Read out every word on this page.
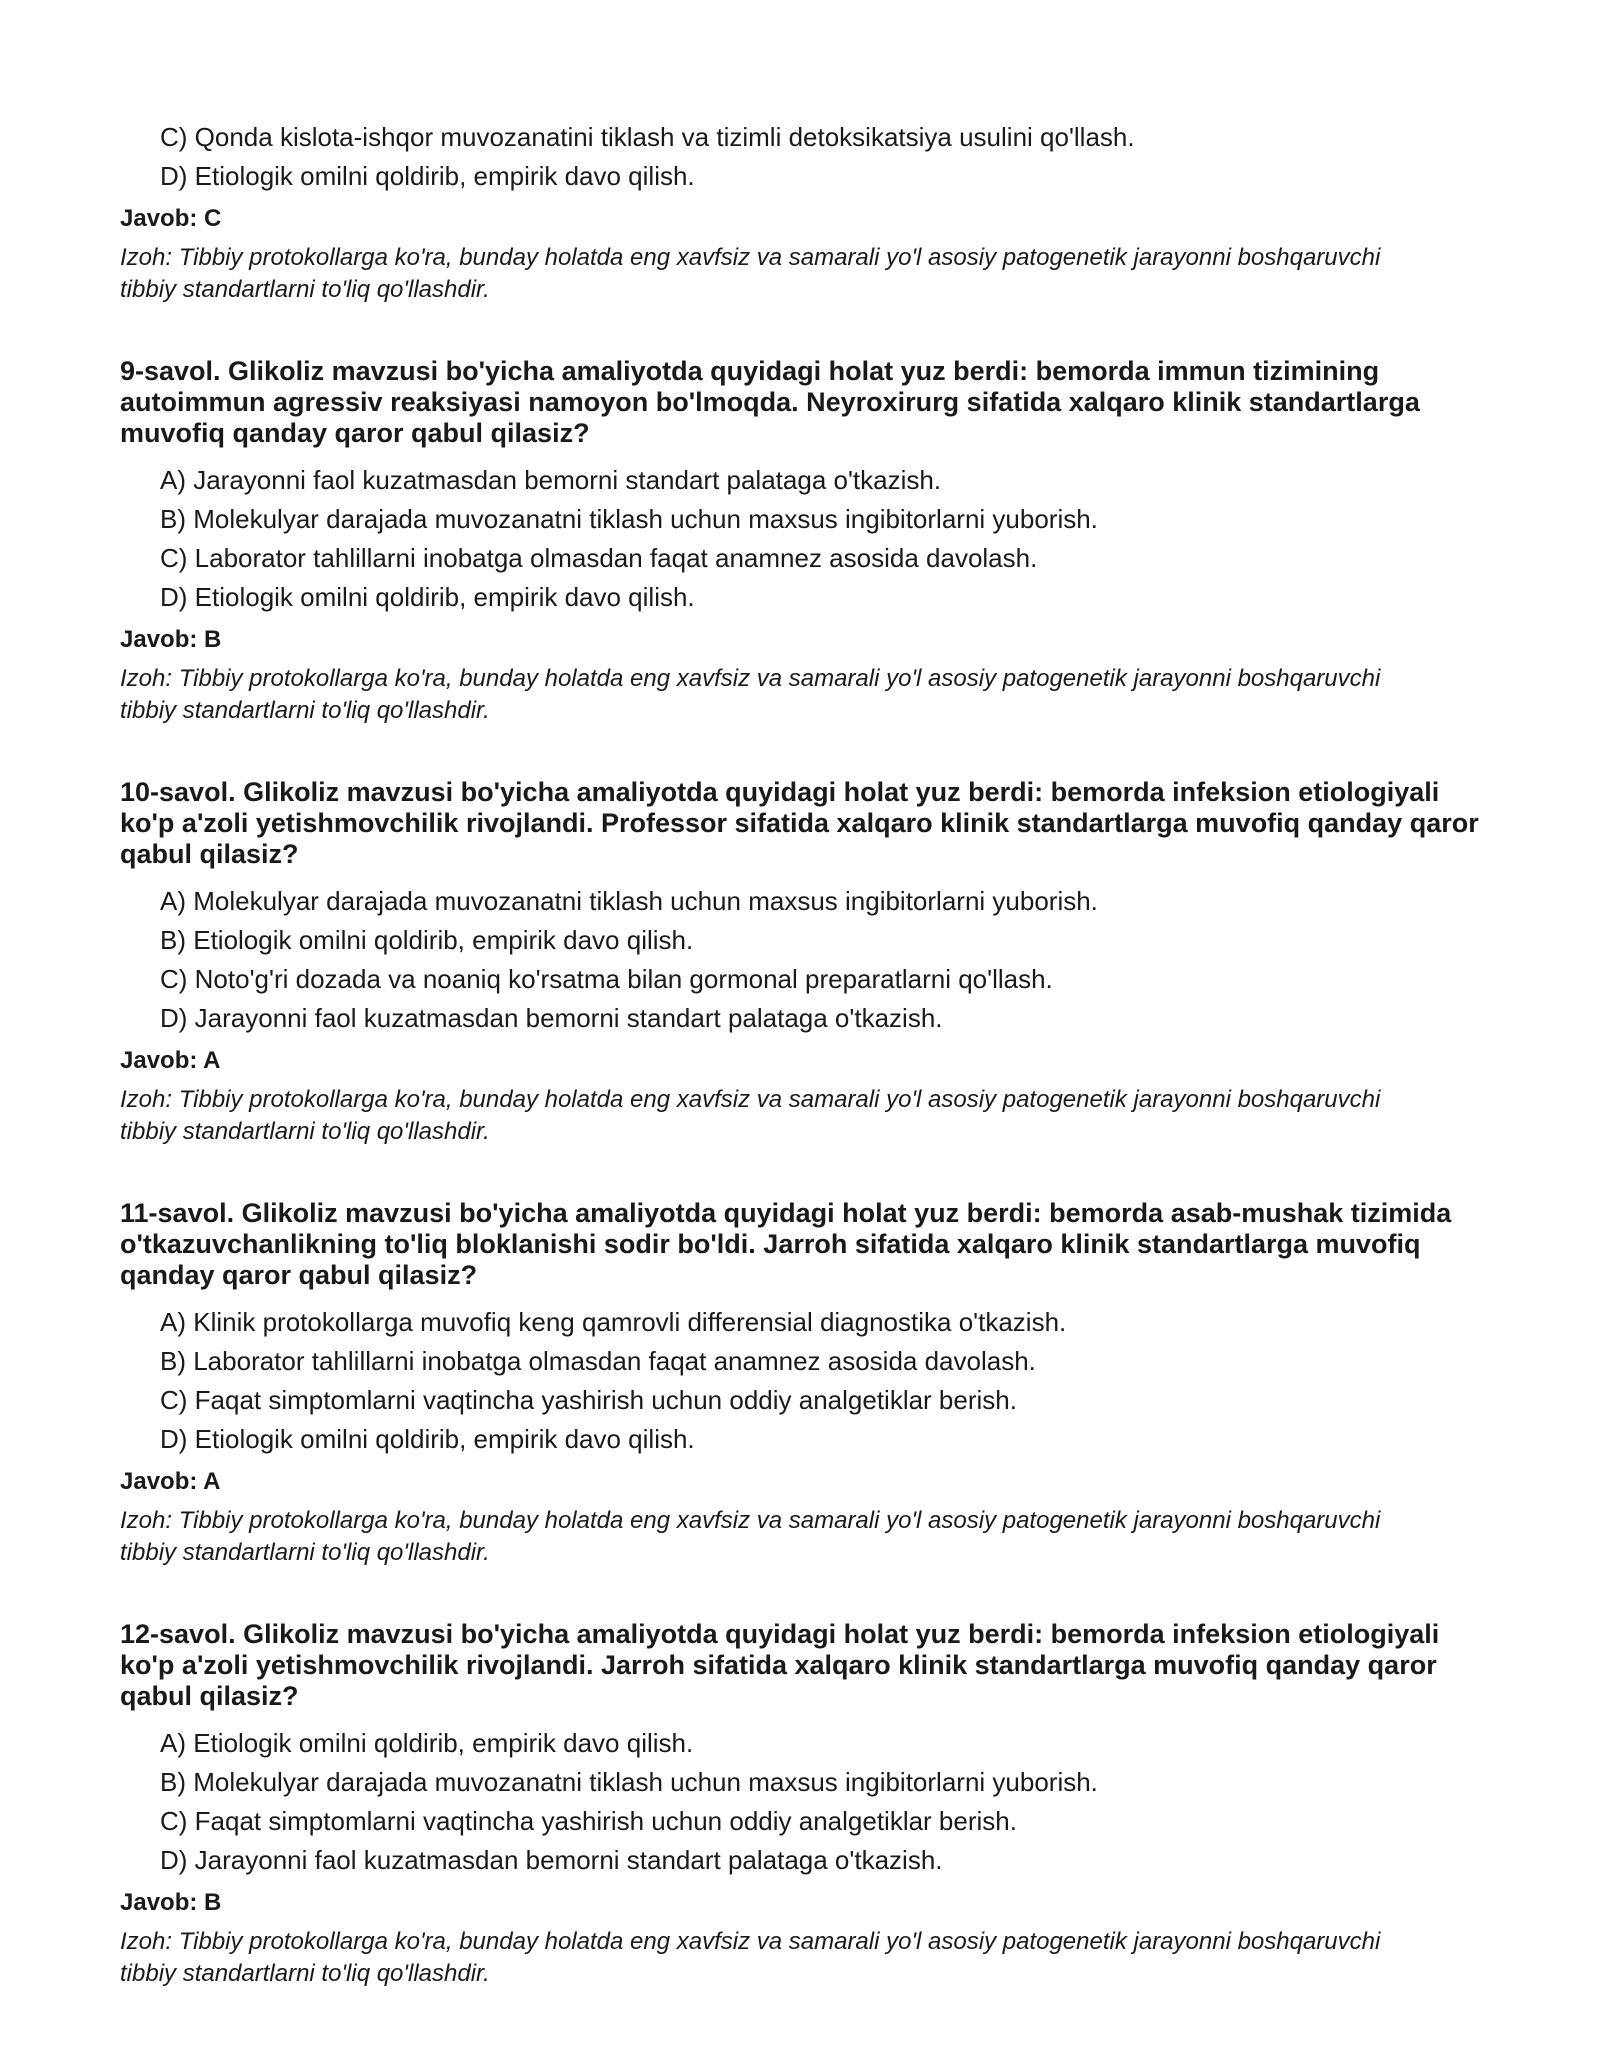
C) Qonda kislota-ishqor muvozanatini tiklash va tizimli detoksikatsiya usulini qo'llash.
D) Etiologik omilni qoldirib, empirik davo qilish.
Javob: C
Izoh: Tibbiy protokollarga ko'ra, bunday holatda eng xavfsiz va samarali yo'l asosiy patogenetik jarayonni boshqaruvchi tibbiy standartlarni to'liq qo'llashdir.
9-savol. Glikoliz mavzusi bo'yicha amaliyotda quyidagi holat yuz berdi: bemorda immun tizimining autoimmun agressiv reaksiyasi namoyon bo'lmoqda. Neyroxirurg sifatida xalqaro klinik standartlarga muvofiq qanday qaror qabul qilasiz?
A) Jarayonni faol kuzatmasdan bemorni standart palataga o'tkazish.
B) Molekulyar darajada muvozanatni tiklash uchun maxsus ingibitorlarni yuborish.
C) Laborator tahlillarni inobatga olmasdan faqat anamnez asosida davolash.
D) Etiologik omilni qoldirib, empirik davo qilish.
Javob: B
Izoh: Tibbiy protokollarga ko'ra, bunday holatda eng xavfsiz va samarali yo'l asosiy patogenetik jarayonni boshqaruvchi tibbiy standartlarni to'liq qo'llashdir.
10-savol. Glikoliz mavzusi bo'yicha amaliyotda quyidagi holat yuz berdi: bemorda infeksion etiologiyali ko'p a'zoli yetishmovchilik rivojlandi. Professor sifatida xalqaro klinik standartlarga muvofiq qanday qaror qabul qilasiz?
A) Molekulyar darajada muvozanatni tiklash uchun maxsus ingibitorlarni yuborish.
B) Etiologik omilni qoldirib, empirik davo qilish.
C) Noto'g'ri dozada va noaniq ko'rsatma bilan gormonal preparatlarni qo'llash.
D) Jarayonni faol kuzatmasdan bemorni standart palataga o'tkazish.
Javob: A
Izoh: Tibbiy protokollarga ko'ra, bunday holatda eng xavfsiz va samarali yo'l asosiy patogenetik jarayonni boshqaruvchi tibbiy standartlarni to'liq qo'llashdir.
11-savol. Glikoliz mavzusi bo'yicha amaliyotda quyidagi holat yuz berdi: bemorda asab-mushak tizimida o'tkazuvchanlikning to'liq bloklanishi sodir bo'ldi. Jarroh sifatida xalqaro klinik standartlarga muvofiq qanday qaror qabul qilasiz?
A) Klinik protokollarga muvofiq keng qamrovli differensial diagnostika o'tkazish.
B) Laborator tahlillarni inobatga olmasdan faqat anamnez asosida davolash.
C) Faqat simptomlarni vaqtincha yashirish uchun oddiy analgetiklar berish.
D) Etiologik omilni qoldirib, empirik davo qilish.
Javob: A
Izoh: Tibbiy protokollarga ko'ra, bunday holatda eng xavfsiz va samarali yo'l asosiy patogenetik jarayonni boshqaruvchi tibbiy standartlarni to'liq qo'llashdir.
12-savol. Glikoliz mavzusi bo'yicha amaliyotda quyidagi holat yuz berdi: bemorda infeksion etiologiyali ko'p a'zoli yetishmovchilik rivojlandi. Jarroh sifatida xalqaro klinik standartlarga muvofiq qanday qaror qabul qilasiz?
A) Etiologik omilni qoldirib, empirik davo qilish.
B) Molekulyar darajada muvozanatni tiklash uchun maxsus ingibitorlarni yuborish.
C) Faqat simptomlarni vaqtincha yashirish uchun oddiy analgetiklar berish.
D) Jarayonni faol kuzatmasdan bemorni standart palataga o'tkazish.
Javob: B
Izoh: Tibbiy protokollarga ko'ra, bunday holatda eng xavfsiz va samarali yo'l asosiy patogenetik jarayonni boshqaruvchi tibbiy standartlarni to'liq qo'llashdir.
